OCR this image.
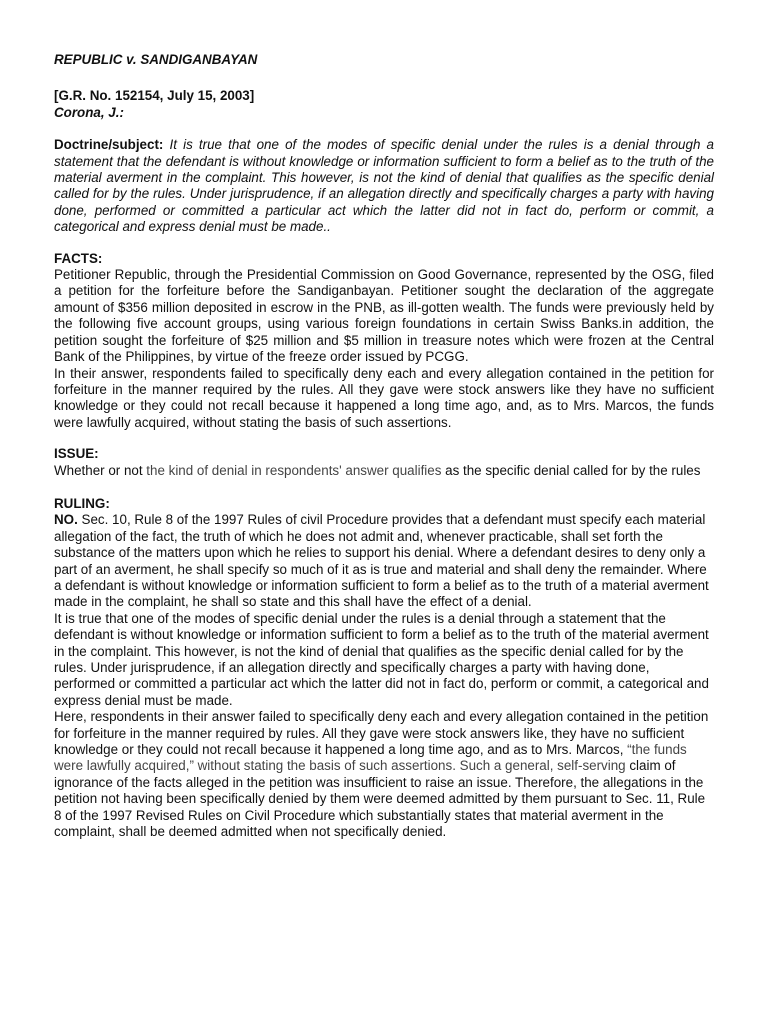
REPUBLIC v. SANDIGANBAYAN

[G.R. No. 152154, July 15, 2003]

Corona, J.:

Doctrine/subject: It is true that one of the modes of specific denial under the rules is a denial through a statement that the defendant is without knowledge or information sufficient to form a belief as to the truth of the material averment in the complaint. This however, is not the kind of denial that qualifies as the specific denial called for by the rules. Under jurisprudence, if an allegation directly and specifically charges a party with having done, performed or committed a particular act which the latter did not in fact do, perform or commit, a categorical and express denial must be made..

FACTS:

Petitioner Republic, through the Presidential Commission on Good Governance, represented by the OSG, filed a petition for the forfeiture before the Sandiganbayan. Petitioner sought the declaration of the aggregate amount of $356 million deposited in escrow in the PNB, as ill-gotten wealth. The funds were previously held by the following five account groups, using various foreign foundations in certain Swiss Banks.in addition, the petition sought the forfeiture of $25 million and $5 million in treasure notes which were frozen at the Central Bank of the Philippines, by virtue of the freeze order issued by PCGG.

In their answer, respondents failed to specifically deny each and every allegation contained in the petition for forfeiture in the manner required by the rules. All they gave were stock answers like they have no sufficient knowledge or they could not recall because it happened a long time ago, and, as to Mrs. Marcos, the funds were lawfully acquired, without stating the basis of such assertions.

ISSUE:

Whether or not the kind of denial in respondents' answer qualifies as the specific denial called for by the rules

RULING:

NO. Sec. 10, Rule 8 of the 1997 Rules of civil Procedure provides that a defendant must specify each material allegation of the fact, the truth of which he does not admit and, whenever practicable, shall set forth the substance of the matters upon which he relies to support his denial. Where a defendant desires to deny only a part of an averment, he shall specify so much of it as is true and material and shall deny the remainder. Where a defendant is without knowledge or information sufficient to form a belief as to the truth of a material averment made in the complaint, he shall so state and this shall have the effect of a denial.

It is true that one of the modes of specific denial under the rules is a denial through a statement that the defendant is without knowledge or information sufficient to form a belief as to the truth of the material averment in the complaint. This however, is not the kind of denial that qualifies as the specific denial called for by the rules. Under jurisprudence, if an allegation directly and specifically charges a party with having done, performed or committed a particular act which the latter did not in fact do, perform or commit, a categorical and express denial must be made.

Here, respondents in their answer failed to specifically deny each and every allegation contained in the petition for forfeiture in the manner required by rules. All they gave were stock answers like, they have no sufficient knowledge or they could not recall because it happened a long time ago, and as to Mrs. Marcos, “the funds were lawfully acquired,” without stating the basis of such assertions. Such a general, self-serving claim of ignorance of the facts alleged in the petition was insufficient to raise an issue. Therefore, the allegations in the petition not having been specifically denied by them were deemed admitted by them pursuant to Sec. 11, Rule 8 of the 1997 Revised Rules on Civil Procedure which substantially states that material averment in the complaint, shall be deemed admitted when not specifically denied.
